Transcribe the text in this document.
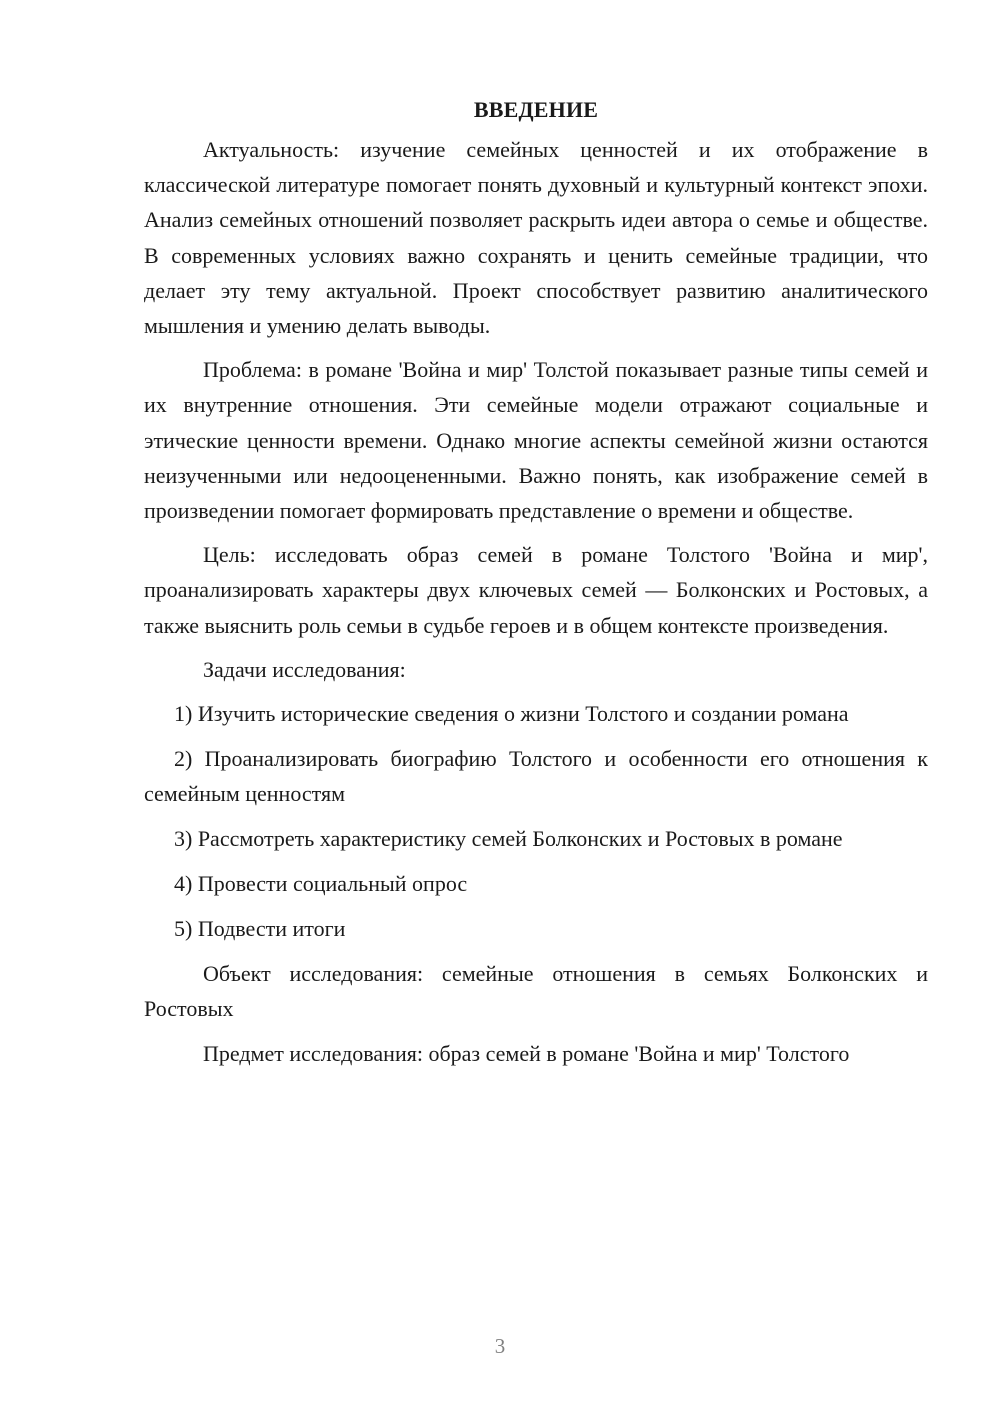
ВВЕДЕНИЕ

Актуальность: изучение семейных ценностей и их отображение в классической литературе помогает понять духовный и культурный контекст эпохи. Анализ семейных отношений позволяет раскрыть идеи автора о семье и обществе. В современных условиях важно сохранять и ценить семейные традиции, что делает эту тему актуальной. Проект способствует развитию аналитического мышления и умению делать выводы.

Проблема: в романе 'Война и мир' Толстой показывает разные типы семей и их внутренние отношения. Эти семейные модели отражают социальные и этические ценности времени. Однако многие аспекты семейной жизни остаются неизученными или недооцененными. Важно понять, как изображение семей в произведении помогает формировать представление о времени и обществе.

Цель: исследовать образ семей в романе Толстого 'Война и мир', проанализировать характеры двух ключевых семей — Болконских и Ростовых, а также выяснить роль семьи в судьбе героев и в общем контексте произведения.

Задачи исследования:

1) Изучить исторические сведения о жизни Толстого и создании романа

2) Проанализировать биографию Толстого и особенности его отношения к семейным ценностям

3) Рассмотреть характеристику семей Болконских и Ростовых в романе

4) Провести социальный опрос

5) Подвести итоги

Объект исследования: семейные отношения в семьях Болконских и Ростовых

Предмет исследования: образ семей в романе 'Война и мир' Толстого

3
